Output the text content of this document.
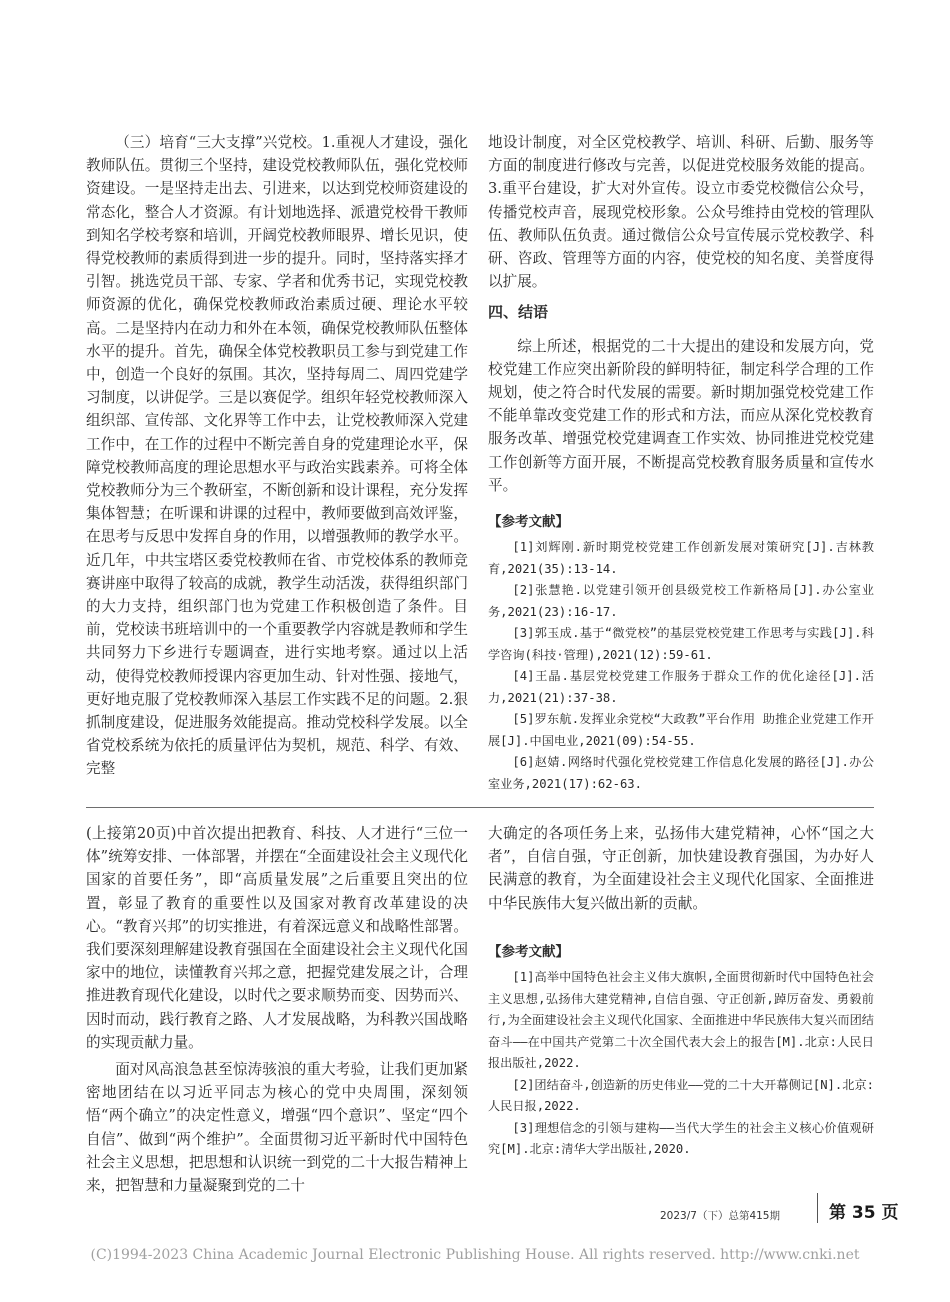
（三）培育“三大支撑”兴党校。1.重视人才建设，强化教师队伍。贯彻三个坚持，建设党校教师队伍，强化党校师资建设。一是坚持走出去、引进来，以达到党校师资建设的常态化，整合人才资源。有计划地选择、派遣党校骨干教师到知名学校考察和培训，开阔党校教师眼界、增长见识，使得党校教师的素质得到进一步的提升。同时，坚持落实择才引智。挑选党员干部、专家、学者和优秀书记，实现党校教师资源的优化，确保党校教师政治素质过硬、理论水平较高。二是坚持内在动力和外在本领，确保党校教师队伍整体水平的提升。首先，确保全体党校教职员工参与到党建工作中，创造一个良好的氛围。其次，坚持每周二、周四党建学习制度，以讲促学。三是以赛促学。组织年轻党校教师深入组织部、宣传部、文化界等工作中去，让党校教师深入党建工作中，在工作的过程中不断完善自身的党建理论水平，保障党校教师高度的理论思想水平与政治实践素养。可将全体党校教师分为三个教研室，不断创新和设计课程，充分发挥集体智慧；在听课和讲课的过程中，教师要做到高效评鉴，在思考与反思中发挥自身的作用，以增强教师的教学水平。近几年，中共宝塔区委党校教师在省、市党校体系的教师竞赛讲座中取得了较高的成就，教学生动活泼，获得组织部门的大力支持，组织部门也为党建工作积极创造了条件。目前，党校读书班培训中的一个重要教学内容就是教师和学生共同努力下乡进行专题调查，进行实地考察。通过以上活动，使得党校教师授课内容更加生动、针对性强、接地气，更好地克服了党校教师深入基层工作实践不足的问题。2.狠抓制度建设，促进服务效能提高。推动党校科学发展。以全省党校系统为依托的质量评估为契机，规范、科学、有效、完整

地设计制度，对全区党校教学、培训、科研、后勤、服务等方面的制度进行修改与完善，以促进党校服务效能的提高。3.重平台建设，扩大对外宣传。设立市委党校微信公众号，传播党校声音，展现党校形象。公众号维持由党校的管理队伍、教师队伍负责。通过微信公众号宣传展示党校教学、科研、咨政、管理等方面的内容，使党校的知名度、美誉度得以扩展。

四、结语

综上所述，根据党的二十大提出的建设和发展方向，党校党建工作应突出新阶段的鲜明特征，制定科学合理的工作规划，使之符合时代发展的需要。新时期加强党校党建工作不能单靠改变党建工作的形式和方法，而应从深化党校教育服务改革、增强党校党建调查工作实效、协同推进党校党建工作创新等方面开展，不断提高党校教育服务质量和宣传水平。

【参考文献】

[1]刘辉刚.新时期党校党建工作创新发展对策研究[J].吉林教育,2021(35):13-14.

[2]张慧艳.以党建引领开创县级党校工作新格局[J].办公室业务,2021(23):16-17.

[3]郭玉成.基于“微党校”的基层党校党建工作思考与实践[J].科学咨询(科技·管理),2021(12):59-61.

[4]王晶.基层党校党建工作服务于群众工作的优化途径[J].活力,2021(21):37-38.

[5]罗东航.发挥业余党校“大政教”平台作用 助推企业党建工作开展[J].中国电业,2021(09):54-55.

[6]赵婧.网络时代强化党校党建工作信息化发展的路径[J].办公室业务,2021(17):62-63.

(上接第20页)中首次提出把教育、科技、人才进行“三位一体”统筹安排、一体部署，并摆在“全面建设社会主义现代化国家的首要任务”，即“高质量发展”之后重要且突出的位置，彰显了教育的重要性以及国家对教育改革建设的决心。“教育兴邦”的切实推进，有着深远意义和战略性部署。我们要深刻理解建设教育强国在全面建设社会主义现代化国家中的地位，读懂教育兴邦之意，把握党建发展之计，合理推进教育现代化建设，以时代之要求顺势而变、因势而兴、因时而动，践行教育之路、人才发展战略，为科教兴国战略的实现贡献力量。

面对风高浪急甚至惊涛骇浪的重大考验，让我们更加紧密地团结在以习近平同志为核心的党中央周围，深刻领悟“两个确立”的决定性意义，增强“四个意识”、坚定“四个自信”、做到“两个维护”。全面贯彻习近平新时代中国特色社会主义思想，把思想和认识统一到党的二十大报告精神上来，把智慧和力量凝聚到党的二十

大确定的各项任务上来，弘扬伟大建党精神，心怀“国之大者”，自信自强，守正创新，加快建设教育强国，为办好人民满意的教育，为全面建设社会主义现代化国家、全面推进中华民族伟大复兴做出新的贡献。

【参考文献】

[1]高举中国特色社会主义伟大旗帜,全面贯彻新时代中国特色社会主义思想,弘扬伟大建党精神,自信自强、守正创新,踔厉奋发、勇毅前行,为全面建设社会主义现代化国家、全面推进中华民族伟大复兴而团结奋斗——在中国共产党第二十次全国代表大会上的报告[M].北京:人民日报出版社,2022.

[2]团结奋斗,创造新的历史伟业——党的二十大开幕侧记[N].北京:人民日报,2022.

[3]理想信念的引领与建构——当代大学生的社会主义核心价值观研究[M].北京:清华大学出版社,2020.

2023/7（下）总第415期	第 35 页
(C)1994-2023 China Academic Journal Electronic Publishing House. All rights reserved. http://www.cnki.net
